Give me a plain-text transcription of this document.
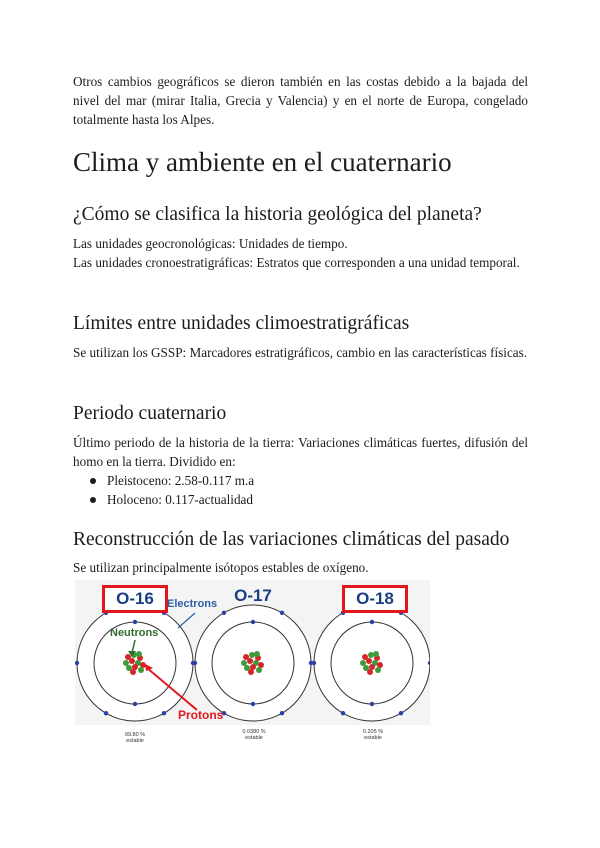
Otros cambios geográficos se dieron también en las costas debido a la bajada del nivel del mar (mirar Italia, Grecia y Valencia) y en el norte de Europa, congelado totalmente hasta los Alpes.

Clima y ambiente en el cuaternario
¿Cómo se clasifica la historia geológica del planeta?

Las unidades geocronológicas: Unidades de tiempo.

Las unidades cronoestratigráficas: Estratos que corresponden a una unidad temporal.

Límites entre unidades climoestratigráficas

Se utilizan los GSSP: Marcadores estratigráficos, cambio en las características físicas.

Periodo cuaternario

Último periodo de la historia de la tierra: Variaciones climáticas fuertes, difusión del homo en la tierra. Dividido en:

Pleistoceno: 2.58-0.117 m.a
Holoceno: 0.117-actualidad
Reconstrucción de las variaciones climáticas del pasado

Se utilizan principalmente isótopos estables de oxígeno.

O-16	O-17	O-18
Electrons
Neutrons
Protons
99.80 %
estable
0.0380 %
estable
0.205 %
estable
